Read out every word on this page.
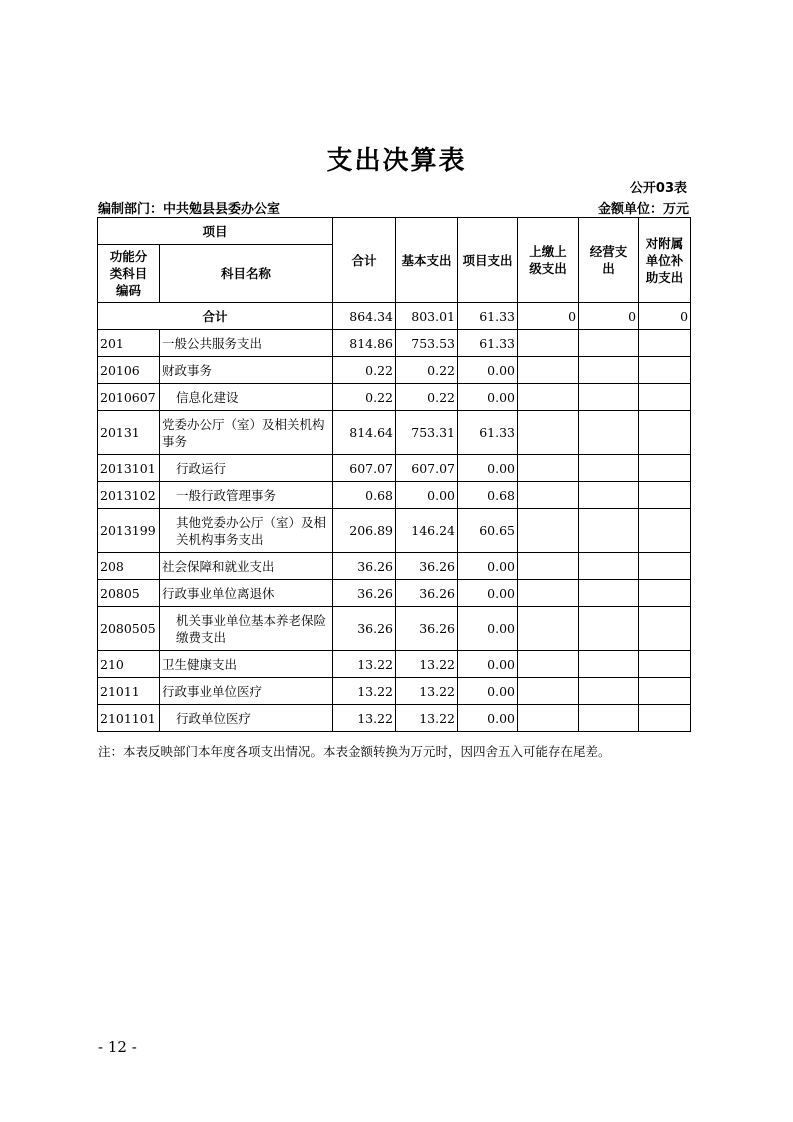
支出决算表
公开03表
编制部门：中共勉县县委办公室	金额单位：万元
项目		合计	基本支出	项目支出	上缴上级支出	经营支出	对附属单位补助支出
功能分类科目编码	科目名称						
合计		864.34	803.01	61.33	0	0	0
201	一般公共服务支出	814.86	753.53	61.33			
20106	财政事务	0.22	0.22	0.00			
2010607	信息化建设	0.22	0.22	0.00			
20131	党委办公厅（室）及相关机构事务	814.64	753.31	61.33			
2013101	行政运行	607.07	607.07	0.00			
2013102	一般行政管理事务	0.68	0.00	0.68			
2013199	其他党委办公厅（室）及相关机构事务支出	206.89	146.24	60.65			
208	社会保障和就业支出	36.26	36.26	0.00			
20805	行政事业单位离退休	36.26	36.26	0.00			
2080505	机关事业单位基本养老保险缴费支出	36.26	36.26	0.00			
210	卫生健康支出	13.22	13.22	0.00			
21011	行政事业单位医疗	13.22	13.22	0.00			
2101101	行政单位医疗	13.22	13.22	0.00			
注：本表反映部门本年度各项支出情况。本表金额转换为万元时，因四舍五入可能存在尾差。
- 12 -
